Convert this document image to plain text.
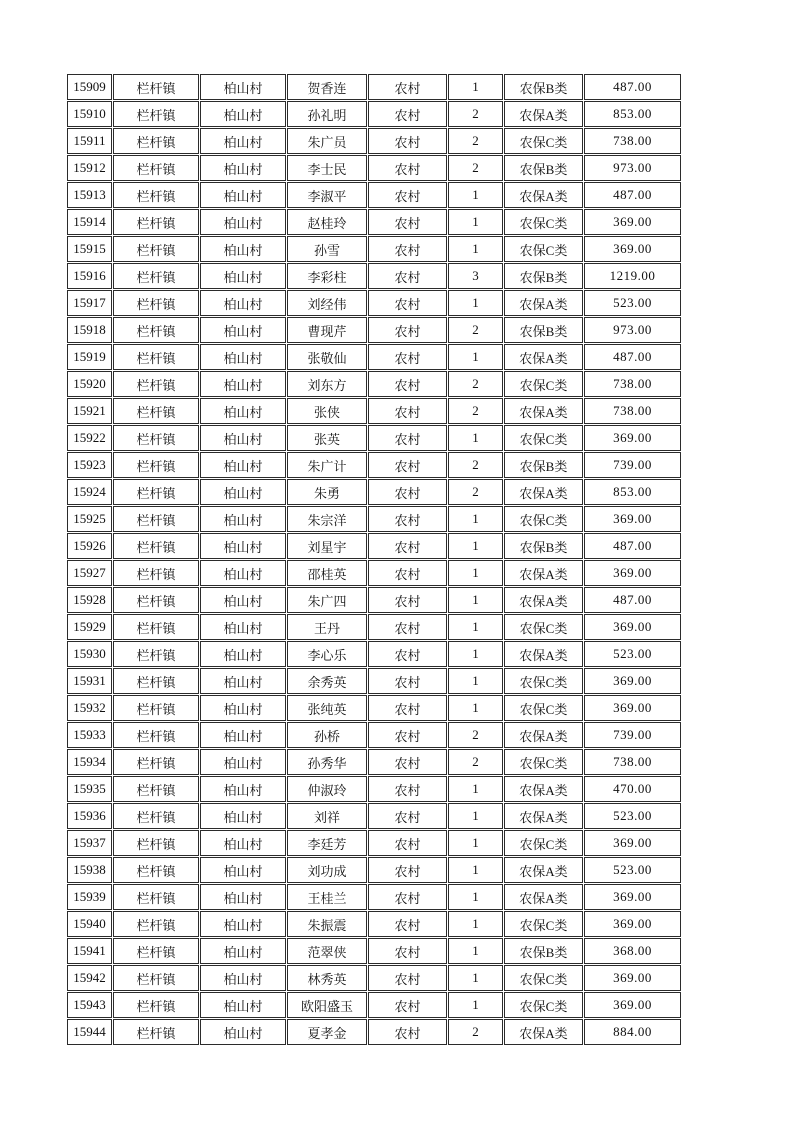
15909	栏杆镇	柏山村	贺香连	农村	1	农保B类	487.00
15910	栏杆镇	柏山村	孙礼明	农村	2	农保A类	853.00
15911	栏杆镇	柏山村	朱广员	农村	2	农保C类	738.00
15912	栏杆镇	柏山村	李士民	农村	2	农保B类	973.00
15913	栏杆镇	柏山村	李淑平	农村	1	农保A类	487.00
15914	栏杆镇	柏山村	赵桂玲	农村	1	农保C类	369.00
15915	栏杆镇	柏山村	孙雪	农村	1	农保C类	369.00
15916	栏杆镇	柏山村	李彩柱	农村	3	农保B类	1219.00
15917	栏杆镇	柏山村	刘经伟	农村	1	农保A类	523.00
15918	栏杆镇	柏山村	曹现芹	农村	2	农保B类	973.00
15919	栏杆镇	柏山村	张敬仙	农村	1	农保A类	487.00
15920	栏杆镇	柏山村	刘东方	农村	2	农保C类	738.00
15921	栏杆镇	柏山村	张侠	农村	2	农保A类	738.00
15922	栏杆镇	柏山村	张英	农村	1	农保C类	369.00
15923	栏杆镇	柏山村	朱广计	农村	2	农保B类	739.00
15924	栏杆镇	柏山村	朱勇	农村	2	农保A类	853.00
15925	栏杆镇	柏山村	朱宗洋	农村	1	农保C类	369.00
15926	栏杆镇	柏山村	刘星宇	农村	1	农保B类	487.00
15927	栏杆镇	柏山村	邵桂英	农村	1	农保A类	369.00
15928	栏杆镇	柏山村	朱广四	农村	1	农保A类	487.00
15929	栏杆镇	柏山村	王丹	农村	1	农保C类	369.00
15930	栏杆镇	柏山村	李心乐	农村	1	农保A类	523.00
15931	栏杆镇	柏山村	余秀英	农村	1	农保C类	369.00
15932	栏杆镇	柏山村	张纯英	农村	1	农保C类	369.00
15933	栏杆镇	柏山村	孙桥	农村	2	农保A类	739.00
15934	栏杆镇	柏山村	孙秀华	农村	2	农保C类	738.00
15935	栏杆镇	柏山村	仲淑玲	农村	1	农保A类	470.00
15936	栏杆镇	柏山村	刘祥	农村	1	农保A类	523.00
15937	栏杆镇	柏山村	李廷芳	农村	1	农保C类	369.00
15938	栏杆镇	柏山村	刘功成	农村	1	农保A类	523.00
15939	栏杆镇	柏山村	王桂兰	农村	1	农保A类	369.00
15940	栏杆镇	柏山村	朱振震	农村	1	农保C类	369.00
15941	栏杆镇	柏山村	范翠侠	农村	1	农保B类	368.00
15942	栏杆镇	柏山村	林秀英	农村	1	农保C类	369.00
15943	栏杆镇	柏山村	欧阳盛玉	农村	1	农保C类	369.00
15944	栏杆镇	柏山村	夏孝金	农村	2	农保A类	884.00
